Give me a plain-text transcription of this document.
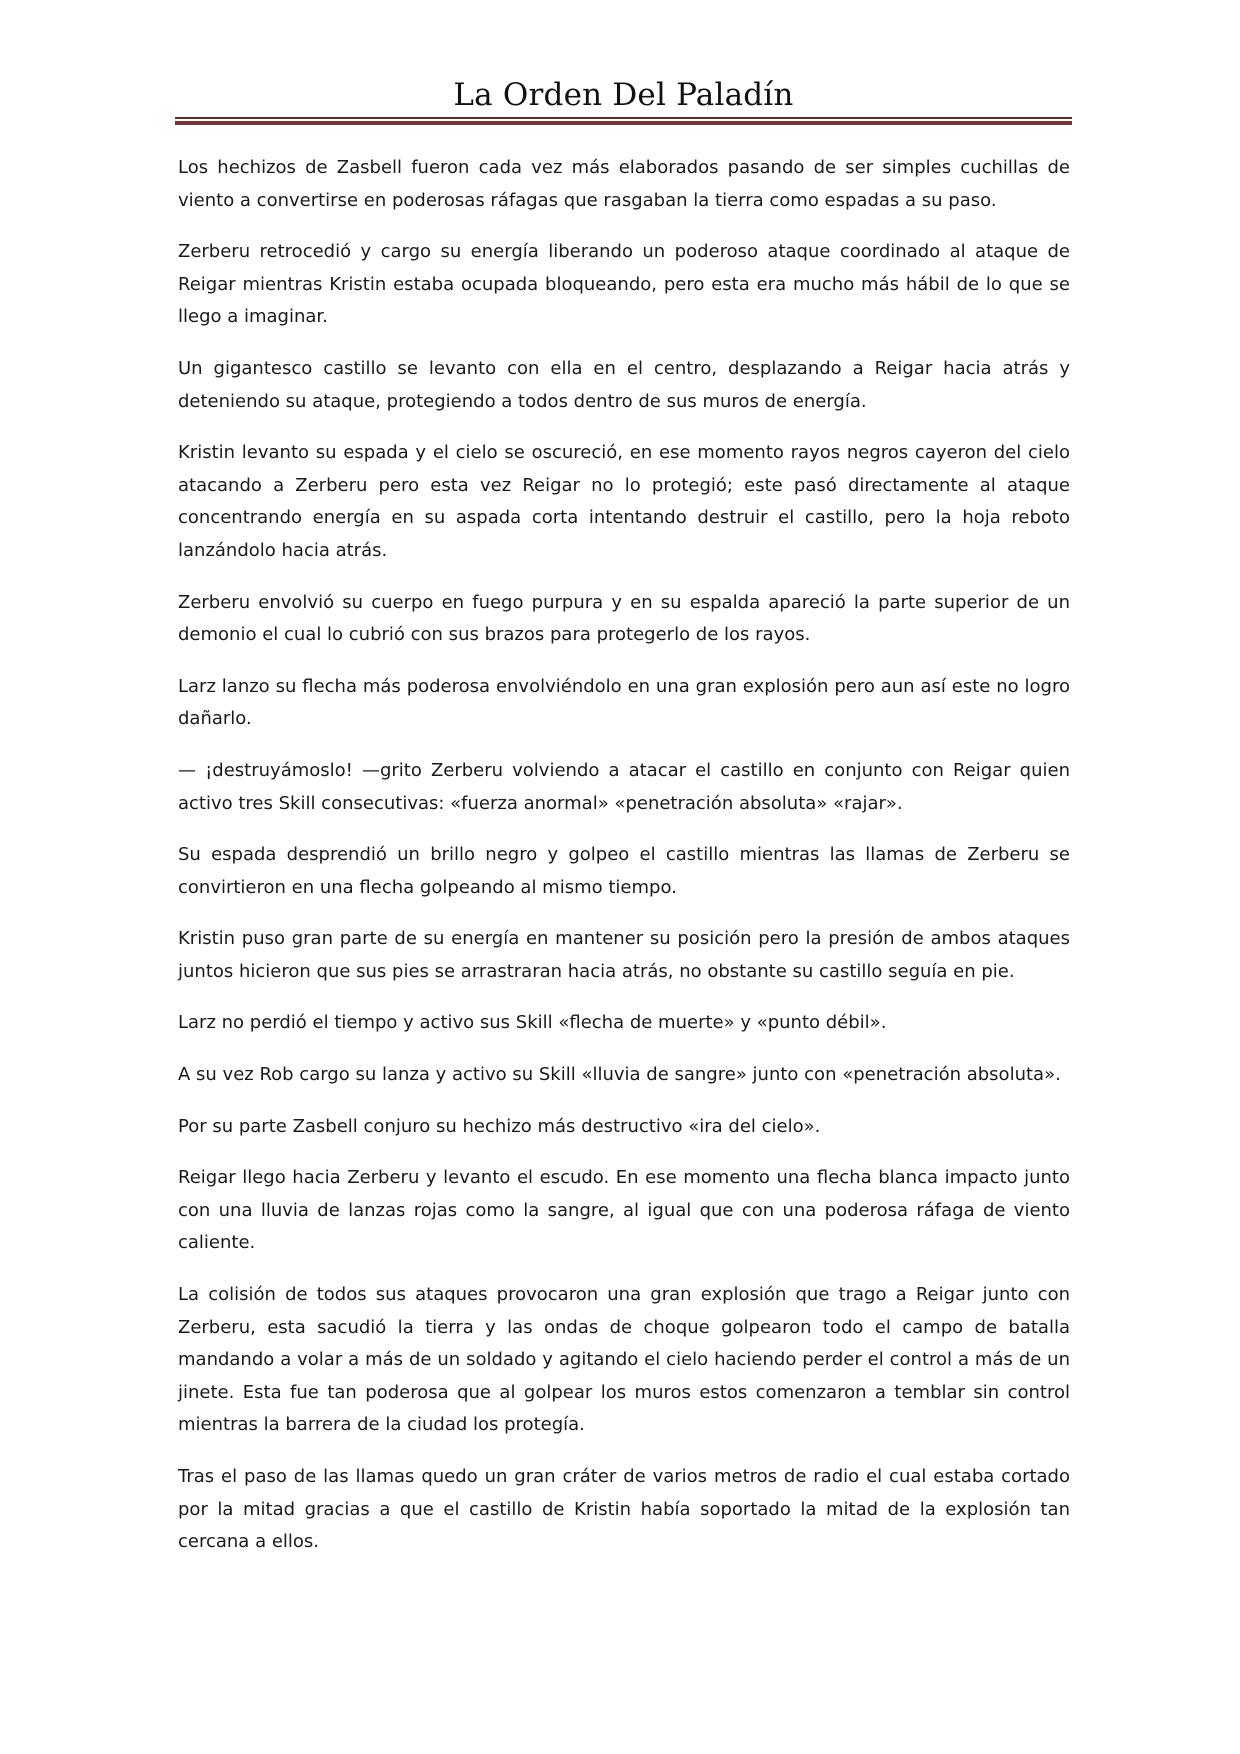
La Orden Del Paladín

Los hechizos de Zasbell fueron cada vez más elaborados pasando de ser simples cuchillas de viento a convertirse en poderosas ráfagas que rasgaban la tierra como espadas a su paso.

Zerberu retrocedió y cargo su energía liberando un poderoso ataque coordinado al ataque de Reigar mientras Kristin estaba ocupada bloqueando, pero esta era mucho más hábil de lo que se llego a imaginar.

Un gigantesco castillo se levanto con ella en el centro, desplazando a Reigar hacia atrás y deteniendo su ataque, protegiendo a todos dentro de sus muros de energía.

Kristin levanto su espada y el cielo se oscureció, en ese momento rayos negros cayeron del cielo atacando a Zerberu pero esta vez Reigar no lo protegió; este pasó directamente al ataque concentrando energía en su aspada corta intentando destruir el castillo, pero la hoja reboto lanzándolo hacia atrás.

Zerberu envolvió su cuerpo en fuego purpura y en su espalda apareció la parte superior de un demonio el cual lo cubrió con sus brazos para protegerlo de los rayos.

Larz lanzo su flecha más poderosa envolviéndolo en una gran explosión pero aun así este no logro dañarlo.

— ¡destruyámoslo! —grito Zerberu volviendo a atacar el castillo en conjunto con Reigar quien activo tres Skill consecutivas: «fuerza anormal» «penetración absoluta» «rajar».

Su espada desprendió un brillo negro y golpeo el castillo mientras las llamas de Zerberu se convirtieron en una flecha golpeando al mismo tiempo.

Kristin puso gran parte de su energía en mantener su posición pero la presión de ambos ataques juntos hicieron que sus pies se arrastraran hacia atrás, no obstante su castillo seguía en pie.

Larz no perdió el tiempo y activo sus Skill «flecha de muerte» y «punto débil».

A su vez Rob cargo su lanza y activo su Skill «lluvia de sangre» junto con «penetración absoluta».

Por su parte Zasbell conjuro su hechizo más destructivo «ira del cielo».

Reigar llego hacia Zerberu y levanto el escudo. En ese momento una flecha blanca impacto junto con una lluvia de lanzas rojas como la sangre, al igual que con una poderosa ráfaga de viento caliente.

La colisión de todos sus ataques provocaron una gran explosión que trago a Reigar junto con Zerberu, esta sacudió la tierra y las ondas de choque golpearon todo el campo de batalla mandando a volar a más de un soldado y agitando el cielo haciendo perder el control a más de un jinete. Esta fue tan poderosa que al golpear los muros estos comenzaron a temblar sin control mientras la barrera de la ciudad los protegía.

Tras el paso de las llamas quedo un gran cráter de varios metros de radio el cual estaba cortado por la mitad gracias a que el castillo de Kristin había soportado la mitad de la explosión tan cercana a ellos.
